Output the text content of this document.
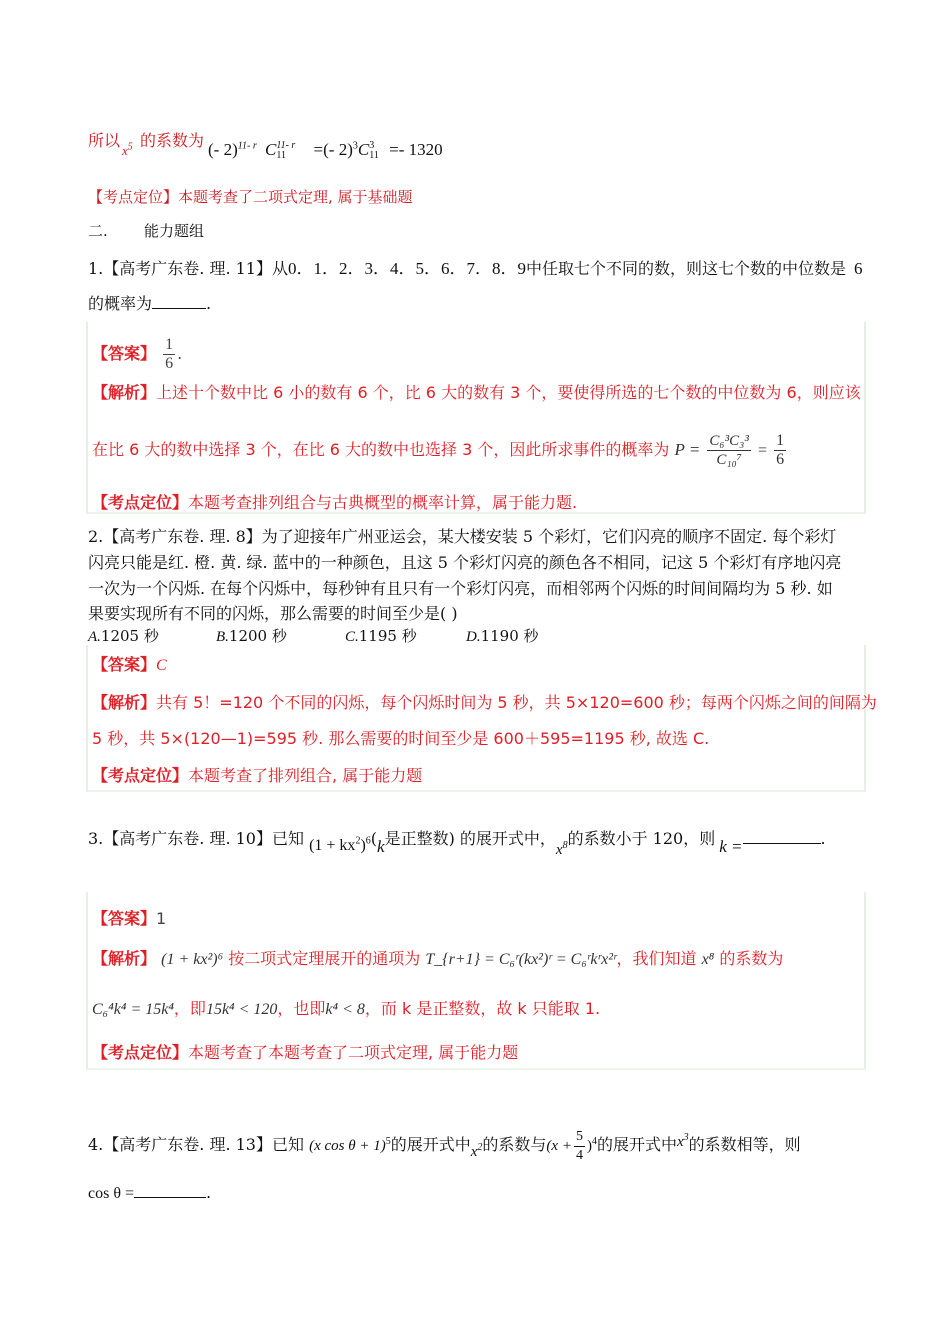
所以
$x^5$ 的系数为 (- 2)$^{11- r}$ C 11- r
11	=(- 2)$^3$C 3
11 =- 1320
【考点定位】本题考查了二项式定理, 属于基础题
二. 能力题组
1.【高考广东卷. 理. 11】从0．1．2．3．4．5．6．7．8．9中任取七个不同的数，则这七个数的中位数是 6
的概率为	.
【答案】 $\frac{1}{6}$ .
【解析】上述十个数中比 6 小的数有 6 个，比 6 大的数有 3 个，要使得所选的七个数的中位数为 6，则应该
在比 6 大的数中选择 3 个，在比 6 大的数中也选择 3 个，因此所求事件的概率为 $P = \frac{\text{C₆³C₃³}}{\text{C₁₀⁷}} = \frac{1}{6}$
【考点定位】本题考查排列组合与古典概型的概率计算，属于能力题.
2.【高考广东卷. 理. 8】为了迎接年广州亚运会，某大楼安装 5 个彩灯，它们闪亮的顺序不固定. 每个彩灯
闪亮只能是红. 橙. 黄. 绿. 蓝中的一种颜色，且这 5 个彩灯闪亮的颜色各不相同，记这 5 个彩灯有序地闪亮
一次为一个闪烁. 在每个闪烁中，每秒钟有且只有一个彩灯闪亮，而相邻两个闪烁的时间间隔均为 5 秒. 如
果要实现所有不同的闪烁，那么需要的时间至少是( )
A.1205 秒	B.1200 秒	C.1195 秒	D.1190 秒
【答案】C
【解析】共有 5！=120 个不同的闪烁，每个闪烁时间为 5 秒，共 5×120=600 秒；每两个闪烁之间的间隔为
5 秒，共 5×(120—1)=595 秒. 那么需要的时间至少是 600＋595=1195 秒, 故选 C.
【考点定位】本题考查了排列组合, 属于能力题
3.【高考广东卷. 理. 10】已知 $(1 + kx^2)^6(k$是正整数) 的展开式中，$x^8$的系数小于 120，则 k =	.
【答案】1
【解析】 (1 + kx²)⁶ 按二项式定理展开的通项为 T_{r+1} = C₆ʳ(kx²)ʳ = C₆ʳkʳx²ʳ，我们知道 x⁸ 的系数为
C₆⁴k⁴ = 15k⁴，即15k⁴ < 120，也即k⁴ < 8，而 k 是正整数，故 k 只能取 1.
【考点定位】本题考查了本题考查了二项式定理, 属于能力题
4.【高考广东卷. 理. 13】已知 (x cos θ + 1)$^5$的展开式中$x^2$的系数与$(x + \frac{5}{4} )^4$的展开式中$x^3$的系数相等，则
cos θ =	.
